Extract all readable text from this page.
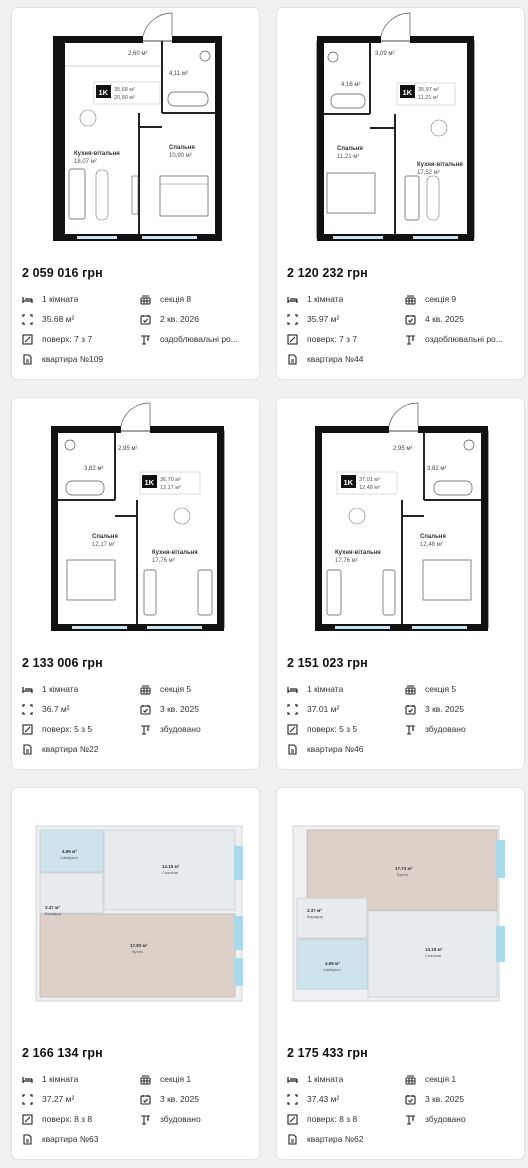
1K 35,68 м²
20,90 м²
2,60 м²
4,11 м²
Кухня-вітальня
18,07 м²
Спальня
10,90 м²
2 059 016 грн
1 кімната	секція 8
35.68 м²	2 кв. 2026
поверх: 7 з 7	оздоблювальні ро...
квартира №109
1K 35,97 м²
11,21 м²
3,09 м²
4,16 м²
Спальня
11,21 м²
Кухня-вітальня
17,52 м²
2 120 232 грн
1 кімната	секція 9
35.97 м²	4 кв. 2025
поверх: 7 з 7	оздоблювальні ро...
квартира №44
1K 36,70 м²
12,17 м²
2,95 м²
3,82 м²
Спальня
12,17 м²
Кухня-вітальня
17,76 м²
2 133 006 грн
1 кімната	секція 5
36.7 м²	3 кв. 2025
поверх: 5 з 5	збудовано
квартира №22
1K 37,01 м²
12,48 м²
2,95 м²
3,82 м²
Кухня-вітальня
17,76 м²
Спальня
12,48 м²
2 151 023 грн
1 кімната	секція 5
37.01 м²	3 кв. 2025
поверх: 5 з 5	збудовано
квартира №46
4.99 м²
Санвузол
13.15 м²
Спальня
3.37 м²
Коридор
17.83 м²
Кухня
2 166 134 грн
1 кімната	секція 1
37.27 м²	3 кв. 2025
поверх: 8 з 8	збудовано
квартира №63
17.73 м²
Кухня
3.37 м²
Коридор
4.99 м²
Санвузол
13.19 м²
Спальня
2 175 433 грн
1 кімната	секція 1
37.43 м²	3 кв. 2025
поверх: 8 з 8	збудовано
квартира №62
